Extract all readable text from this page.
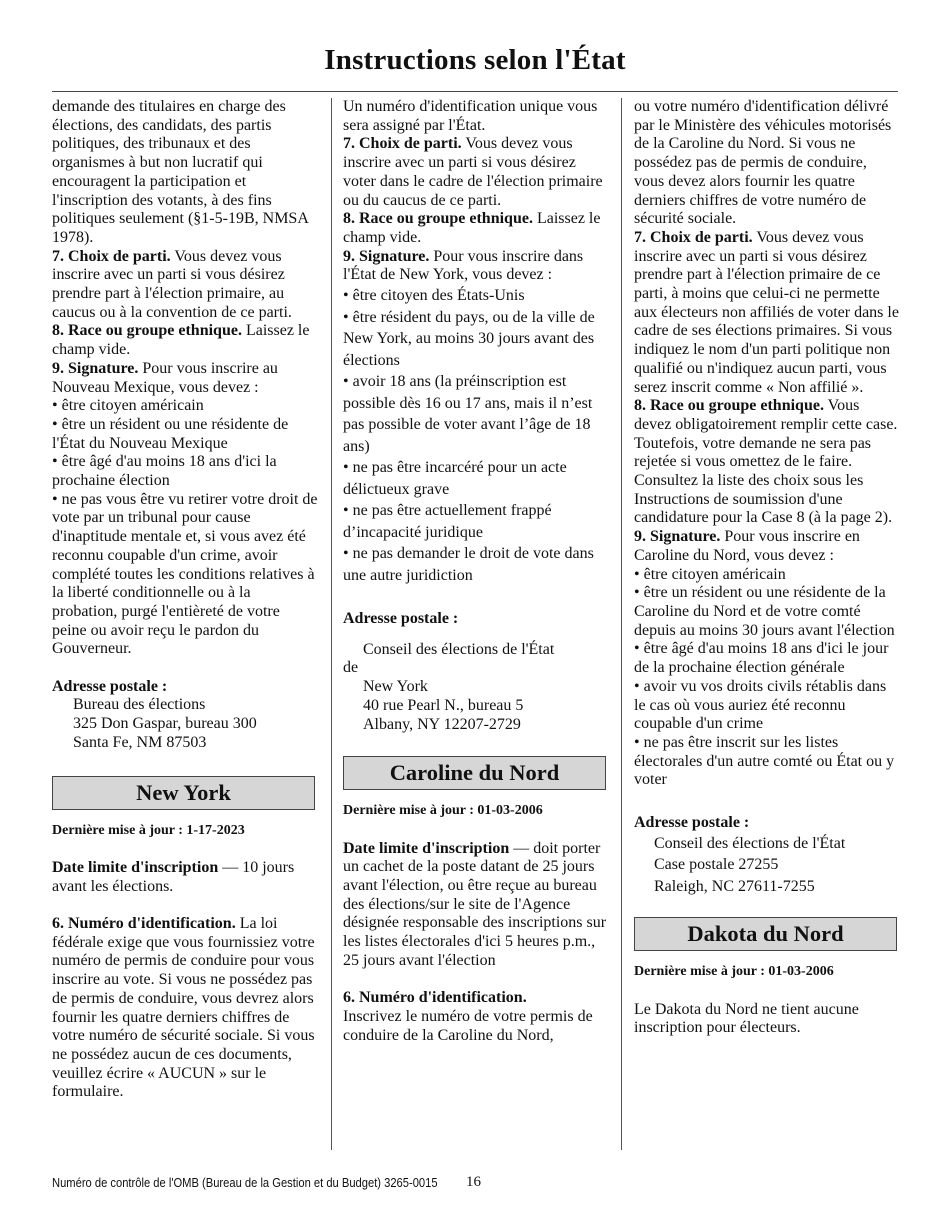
Instructions selon l'État

demande des titulaires en charge des élections, des candidats, des partis politiques, des tribunaux et des organismes à but non lucratif qui encouragent la participation et l'inscription des votants, à des fins politiques seulement (§1-5-19B, NMSA 1978).

7. Choix de parti. Vous devez vous inscrire avec un parti si vous désirez prendre part à l'élection primaire, au caucus ou à la convention de ce parti.

8. Race ou groupe ethnique. Laissez le champ vide.

9. Signature. Pour vous inscrire au Nouveau Mexique, vous devez :

• être citoyen américain

• être un résident ou une résidente de l'État du Nouveau Mexique

• être âgé d'au moins 18 ans d'ici la prochaine élection

• ne pas vous être vu retirer votre droit de vote par un tribunal pour cause d'inaptitude mentale et, si vous avez été reconnu coupable d'un crime, avoir complété toutes les conditions relatives à la liberté conditionnelle ou à la probation, purgé l'entièreté de votre peine ou avoir reçu le pardon du Gouverneur.

Adresse postale :

Bureau des élections

325 Don Gaspar, bureau 300

Santa Fe, NM 87503

New York

Dernière mise à jour : 1-17-2023

Date limite d'inscription — 10 jours avant les élections.

6. Numéro d'identification. La loi fédérale exige que vous fournissiez votre numéro de permis de conduire pour vous inscrire au vote. Si vous ne possédez pas de permis de conduire, vous devrez alors fournir les quatre derniers chiffres de votre numéro de sécurité sociale. Si vous ne possédez aucun de ces documents, veuillez écrire « AUCUN » sur le formulaire.

Un numéro d'identification unique vous sera assigné par l'État.

7. Choix de parti. Vous devez vous inscrire avec un parti si vous désirez voter dans le cadre de l'élection primaire ou du caucus de ce parti.

8. Race ou groupe ethnique. Laissez le champ vide.

9. Signature. Pour vous inscrire dans l'État de New York, vous devez :

• être citoyen des États-Unis

• être résident du pays, ou de la ville de New York, au moins 30 jours avant des élections

• avoir 18 ans (la préinscription est possible dès 16 ou 17 ans, mais il n’est pas possible de voter avant l’âge de 18 ans)

• ne pas être incarcéré pour un acte délictueux grave

• ne pas être actuellement frappé d’incapacité juridique

• ne pas demander le droit de vote dans une autre juridiction

Adresse postale :

Conseil des élections de l'État

de

New York

40 rue Pearl N., bureau 5

Albany, NY 12207-2729

Caroline du Nord

Dernière mise à jour : 01-03-2006

Date limite d'inscription — doit porter un cachet de la poste datant de 25 jours avant l'élection, ou être reçue au bureau des élections/sur le site de l'Agence désignée responsable des inscriptions sur les listes électorales d'ici 5 heures p.m., 25 jours avant l'élection

6. Numéro d'identification.

Inscrivez le numéro de votre permis de conduire de la Caroline du Nord,

ou votre numéro d'identification délivré par le Ministère des véhicules motorisés de la Caroline du Nord. Si vous ne possédez pas de permis de conduire, vous devez alors fournir les quatre derniers chiffres de votre numéro de sécurité sociale.

7. Choix de parti. Vous devez vous inscrire avec un parti si vous désirez prendre part à l'élection primaire de ce parti, à moins que celui-ci ne permette aux électeurs non affiliés de voter dans le cadre de ses élections primaires. Si vous indiquez le nom d'un parti politique non qualifié ou n'indiquez aucun parti, vous serez inscrit comme « Non affilié ».

8. Race ou groupe ethnique. Vous devez obligatoirement remplir cette case. Toutefois, votre demande ne sera pas rejetée si vous omettez de le faire. Consultez la liste des choix sous les Instructions de soumission d'une candidature pour la Case 8 (à la page 2).

9. Signature. Pour vous inscrire en Caroline du Nord, vous devez :

• être citoyen américain

• être un résident ou une résidente de la Caroline du Nord et de votre comté depuis au moins 30 jours avant l'élection

• être âgé d'au moins 18 ans d'ici le jour de la prochaine élection générale

• avoir vu vos droits civils rétablis dans le cas où vous auriez été reconnu coupable d'un crime

• ne pas être inscrit sur les listes électorales d'un autre comté ou État ou y voter

Adresse postale :

Conseil des élections de l'État

Case postale 27255

Raleigh, NC 27611-7255

Dakota du Nord

Dernière mise à jour : 01-03-2006

Le Dakota du Nord ne tient aucune inscription pour électeurs.

Numéro de contrôle de l'OMB (Bureau de la Gestion et du Budget) 3265-0015 16
